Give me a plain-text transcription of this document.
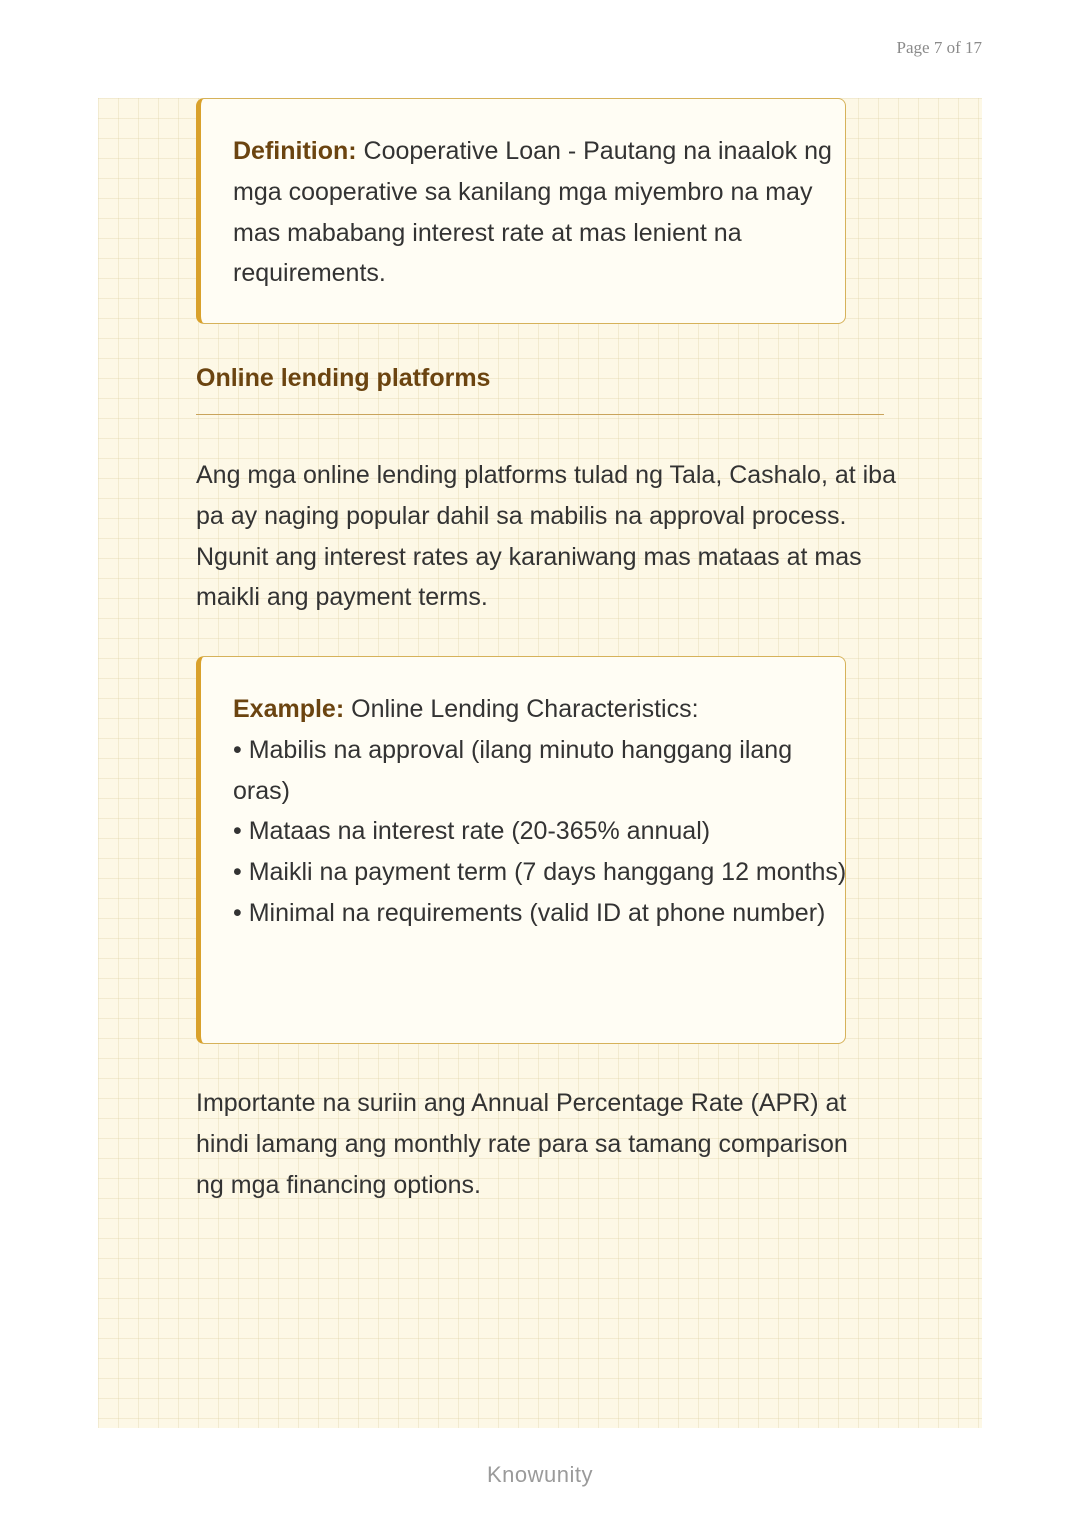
Page 7 of 17
Definition: Cooperative Loan - Pautang na inaalok ng mga cooperative sa kanilang mga miyembro na may mas mababang interest rate at mas lenient na requirements.
Online lending platforms

Ang mga online lending platforms tulad ng Tala, Cashalo, at iba pa ay naging popular dahil sa mabilis na approval process. Ngunit ang interest rates ay karaniwang mas mataas at mas maikli ang payment terms.

Example: Online Lending Characteristics:
• Mabilis na approval (ilang minuto hanggang ilang oras)
• Mataas na interest rate (20-365% annual)
• Maikli na payment term (7 days hanggang 12 months)
• Minimal na requirements (valid ID at phone number)

Importante na suriin ang Annual Percentage Rate (APR) at hindi lamang ang monthly rate para sa tamang comparison ng mga financing options.

Knowunity
